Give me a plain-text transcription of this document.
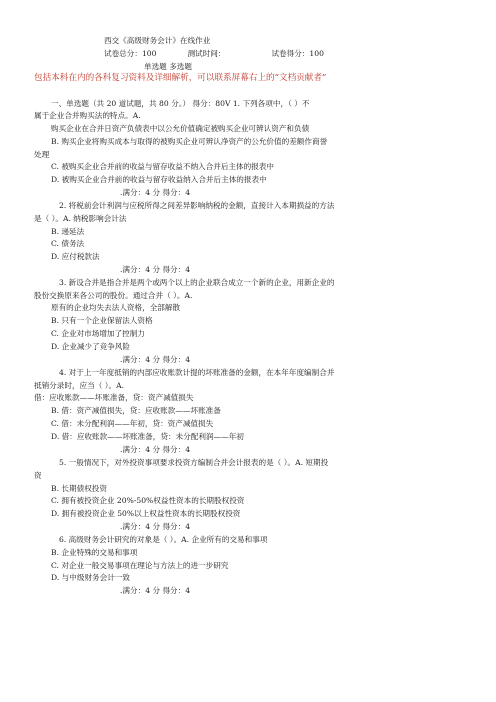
西交《高级财务会计》在线作业
试卷总分：100	测试时间：	试卷得分：100
单选题 多选题
包括本科在内的各科复习资料及详细解析，可以联系屏幕右上的“文档贡献者”
一、单选题（共 20 道试题，共 80 分。） 得分：80V 1. 下列各项中，（ ）不
属于企业合并购买法的特点。A.
购买企业在合并日资产负债表中以公允价值确定被购买企业可辨认资产和负债
B. 购买企业将购买成本与取得的被购买企业可辨认净资产的公允价值的差额作商誉
处理
C. 被购买企业合并前的收益与留存收益不纳入合并后主体的报表中
D. 被购买企业合并前的收益与留存收益纳入合并后主体的报表中
.满分：4 分 得分：4
2. 将税前会计利润与应税所得之间差异影响纳税的金额，直接计入本期损益的方法
是（ ）。A. 纳税影响会计法
B. 递延法
C. 债务法
D. 应付税款法
.满分：4 分 得分：4
3. 新设合并是指合并是两个或两个以上的企业联合成立一个新的企业，用新企业的
股份交换原来各公司的股份。通过合并（ ）。A.
原有的企业均失去法人资格，全部解散
B. 只有一个企业保留法人资格
C. 企业对市场增加了控制力
D. 企业减少了竞争风险
.满分：4 分 得分：4
4. 对于上一年度抵销的内部应收账款计提的坏账准备的金额，在本年年度编制合并
抵销分录时，应当（ ）。A.
借：应收账款——坏账准备，贷：资产减值损失
B. 借：资产减值损失，贷：应收账款——坏账准备
C. 借：未分配利润——年初，贷：资产减值损失
D. 借：应收账款——坏账准备，贷：未分配利润——年初
.满分：4 分 得分：4
5. 一般情况下，对外投资事项要求投资方编制合并会计报表的是（ ）。A. 短期投
资
B. 长期债权投资
C. 拥有被投资企业 20%-50%权益性资本的长期股权投资
D. 拥有被投资企业 50%以上权益性资本的长期股权投资
.满分：4 分 得分：4
6. 高级财务会计研究的对象是（ ）。A. 企业所有的交易和事项
B. 企业特殊的交易和事项
C. 对企业一般交易事项在理论与方法上的进一步研究
D. 与中级财务会计一致
.满分：4 分 得分：4
